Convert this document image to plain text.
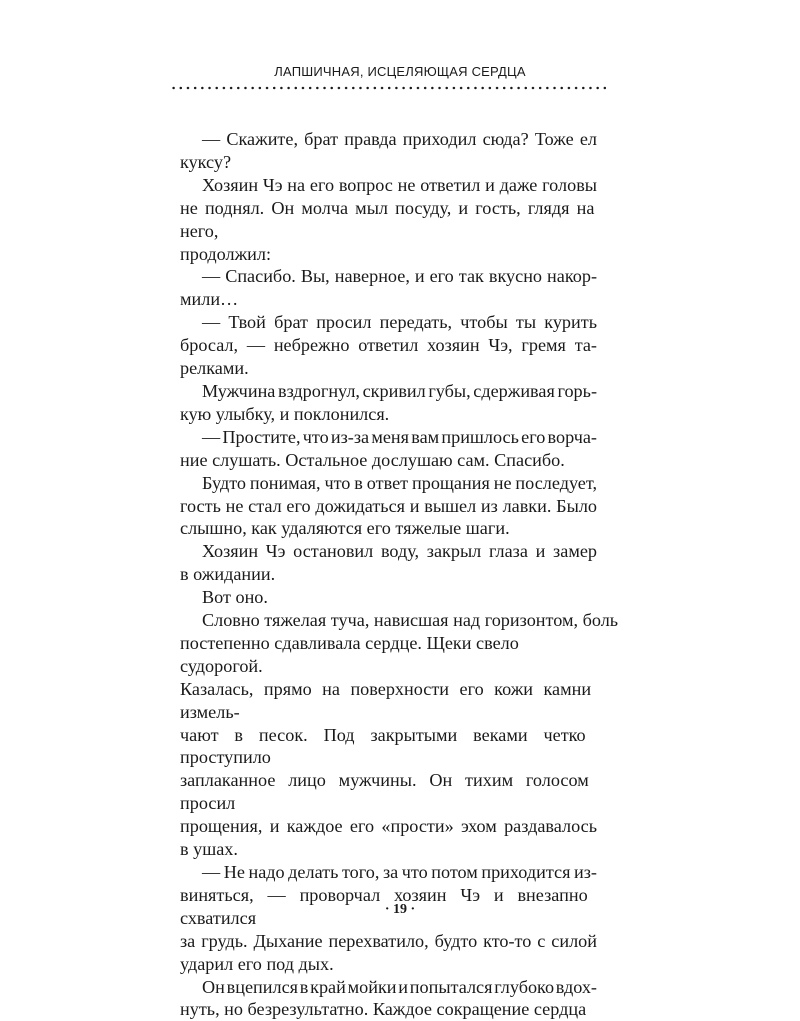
ЛАПШИЧНАЯ, ИСЦЕЛЯЮЩАЯ СЕРДЦА

— Скажите, брат правда приходил сюда? Тоже ел

куксу?

Хозяин Чэ на его вопрос не ответил и даже головы

не поднял. Он молча мыл посуду, и гость, глядя на него,
продолжил:

— Спасибо. Вы, наверное, и его так вкусно накор-

мили…

— Твой брат просил передать, чтобы ты курить

бросал, — небрежно ответил хозяин Чэ, гремя та-
релками.

Мужчина вздрогнул, скривил губы, сдерживая горь-

кую улыбку, и поклонился.

— Простите, что из-за меня вам пришлось его ворча-

ние слушать. Остальное дослушаю сам. Спасибо.

Будто понимая, что в ответ прощания не последует,

гость не стал его дожидаться и вышел из лавки. Было
слышно, как удаляются его тяжелые шаги.

Хозяин Чэ остановил воду, закрыл глаза и замер

в ожидании.

Вот оно.

Словно тяжелая туча, нависшая над горизонтом, боль

постепенно сдавливала сердце. Щеки свело судорогой.
Казалась, прямо на поверхности его кожи камни измель-
чают в песок. Под закрытыми веками четко проступило
заплаканное лицо мужчины. Он тихим голосом просил
прощения, и каждое его «прости» эхом раздавалось
в ушах.

— Не надо делать того, за что потом приходится из-

виняться, — проворчал хозяин Чэ и внезапно схватился
за грудь. Дыхание перехватило, будто кто-то с силой
ударил его под дых.

Он вцепился в край мойки и попытался глубоко вдох-

нуть, но безрезультатно. Каждое сокращение сердца
· 19 ·
